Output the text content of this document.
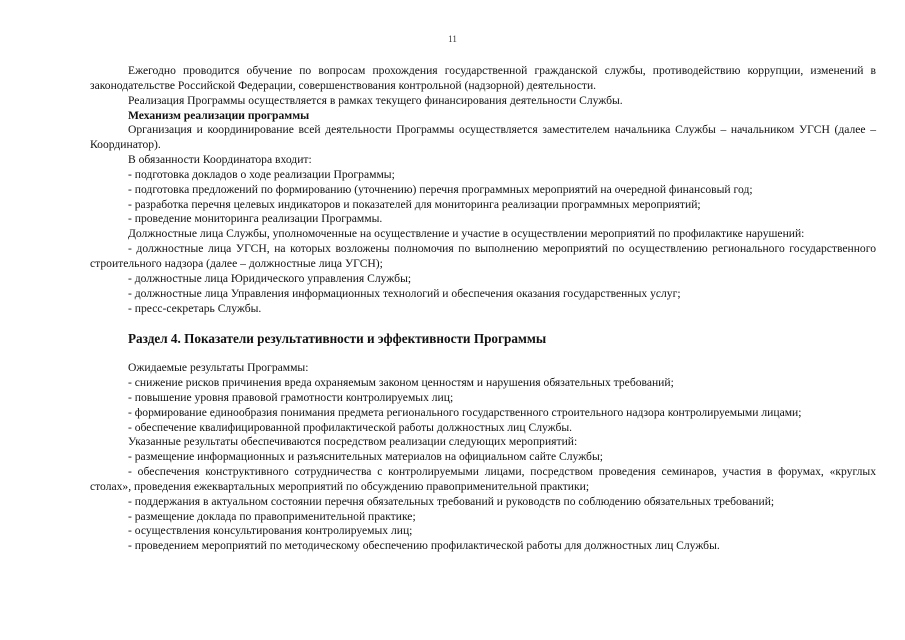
11

Ежегодно проводится обучение по вопросам прохождения государственной гражданской службы, противодействию коррупции, изменений в законодательстве Российской Федерации, совершенствования контрольной (надзорной) деятельности.

Реализация Программы осуществляется в рамках текущего финансирования деятельности Службы.

Механизм реализации программы

Организация и координирование всей деятельности Программы осуществляется заместителем начальника Службы – начальником УГСН (далее – Координатор).

В обязанности Координатора входит:

- подготовка докладов о ходе реализации Программы;

- подготовка предложений по формированию (уточнению) перечня программных мероприятий на очередной финансовый год;

- разработка перечня целевых индикаторов и показателей для мониторинга реализации программных мероприятий;

- проведение мониторинга реализации Программы.

Должностные лица Службы, уполномоченные на осуществление и участие в осуществлении мероприятий по профилактике нарушений:

- должностные лица УГСН, на которых возложены полномочия по выполнению мероприятий по осуществлению регионального государственного строительного надзора (далее – должностные лица УГСН);

- должностные лица Юридического управления Службы;

- должностные лица Управления информационных технологий и обеспечения оказания государственных услуг;

- пресс-секретарь Службы.

Раздел 4. Показатели результативности и эффективности Программы

Ожидаемые результаты Программы:

- снижение рисков причинения вреда охраняемым законом ценностям и нарушения обязательных требований;

- повышение уровня правовой грамотности контролируемых лиц;

- формирование единообразия понимания предмета регионального государственного строительного надзора контролируемыми лицами;

- обеспечение квалифицированной профилактической работы должностных лиц Службы.

Указанные результаты обеспечиваются посредством реализации следующих мероприятий:

- размещение информационных и разъяснительных материалов на официальном сайте Службы;

- обеспечения конструктивного сотрудничества с контролируемыми лицами, посредством проведения семинаров, участия в форумах, «круглых столах», проведения ежеквартальных мероприятий по обсуждению правоприменительной практики;

- поддержания в актуальном состоянии перечня обязательных требований и руководств по соблюдению обязательных требований;

- размещение доклада по правоприменительной практике;

- осуществления консультирования контролируемых лиц;

- проведением мероприятий по методическому обеспечению профилактической работы для должностных лиц Службы.
